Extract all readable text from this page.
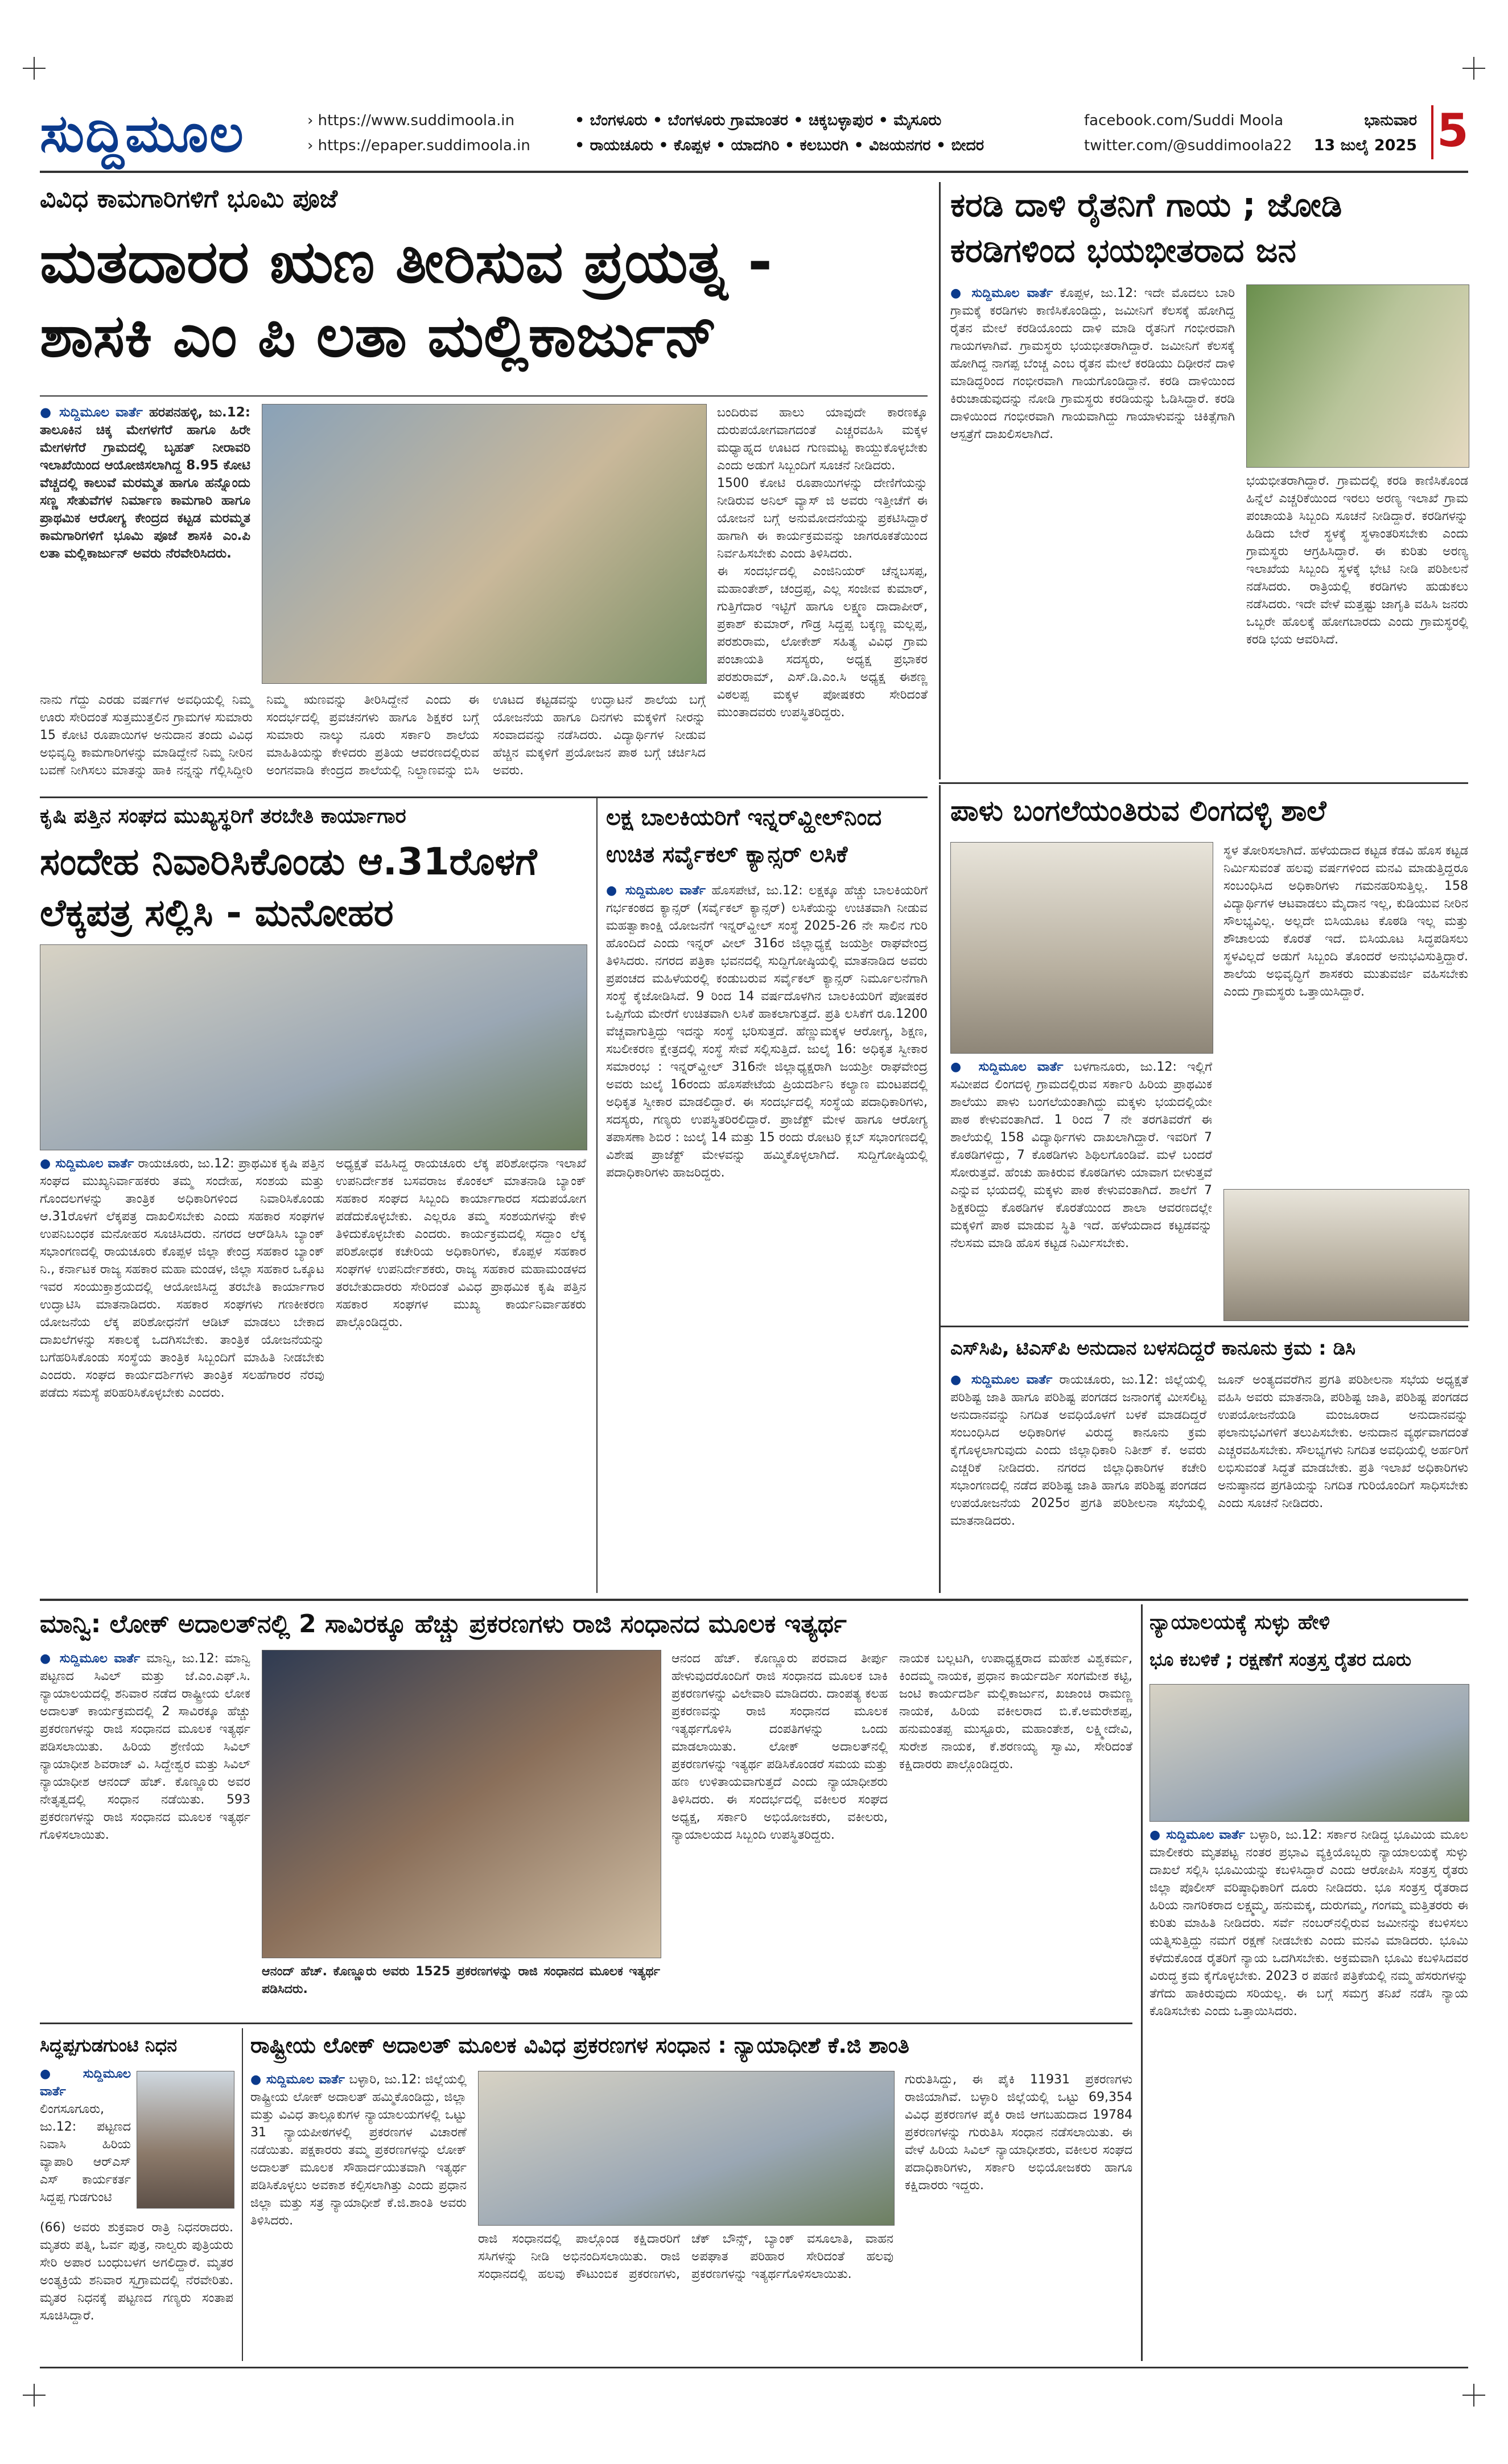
ಸುದ್ದಿಮೂಲ	› https://www.suddimoola.in
› https://epaper.suddimoola.in
• ಬೆಂಗಳೂರು • ಬೆಂಗಳೂರು ಗ್ರಾಮಾಂತರ • ಚಿಕ್ಕಬಳ್ಳಾಪುರ • ಮೈಸೂರು
• ರಾಯಚೂರು • ಕೊಪ್ಪಳ • ಯಾದಗಿರಿ • ಕಲಬುರಗಿ • ವಿಜಯನಗರ • ಬೀದರ
facebook.com/Suddi Moola
twitter.com/@suddimoola22
ಭಾನುವಾರ
13 ಜುಲೈ 2025 5
ವಿವಿಧ ಕಾಮಗಾರಿಗಳಿಗೆ ಭೂಮಿ ಪೂಜೆ
ಮತದಾರರ ಋಣ ತೀರಿಸುವ ಪ್ರಯತ್ನ -
ಶಾಸಕಿ ಎಂ ಪಿ ಲತಾ ಮಲ್ಲಿಕಾರ್ಜುನ್
● ಸುದ್ದಿಮೂಲ ವಾರ್ತೆ ಹರಪನಹಳ್ಳಿ, ಜು.12: ತಾಲೂಕಿನ ಚಿಕ್ಕ ಮೇಗಳಗೆರೆ ಹಾಗೂ ಹಿರೇ ಮೇಗಳಗೆರೆ ಗ್ರಾಮದಲ್ಲಿ ಬೃಹತ್ ನೀರಾವರಿ ಇಲಾಖೆಯಿಂದ ಆಯೋಜಿಸಲಾಗಿದ್ದ 8.95 ಕೋಟಿ ವೆಚ್ಚದಲ್ಲಿ ಕಾಲುವೆ ಮರಮ್ಮತ ಹಾಗೂ ಹನ್ನೊಂದು ಸಣ್ಣ ಸೇತುವೆಗಳ ನಿರ್ಮಾಣ ಕಾಮಗಾರಿ ಹಾಗೂ ಪ್ರಾಥಮಿಕ ಆರೋಗ್ಯ ಕೇಂದ್ರದ ಕಟ್ಟಡ ಮರಮ್ಮತ ಕಾಮಗಾರಿಗಳಿಗೆ ಭೂಮಿ ಪೂಜೆ ಶಾಸಕಿ ಎಂ.ಪಿ ಲತಾ ಮಲ್ಲಿಕಾರ್ಜುನ್ ಅವರು ನೆರವೇರಿಸಿದರು.
ಬಂದಿರುವ ಹಾಲು ಯಾವುದೇ ಕಾರಣಕ್ಕೂ ದುರುಪಯೋಗವಾಗದಂತೆ ಎಚ್ಚರವಹಿಸಿ ಮಕ್ಕಳ ಮಧ್ಯಾಹ್ನದ ಊಟದ ಗುಣಮಟ್ಟ ಕಾಯ್ದುಕೊಳ್ಳಬೇಕು ಎಂದು ಅಡುಗೆ ಸಿಬ್ಬಂದಿಗೆ ಸೂಚನೆ ನೀಡಿದರು.
1500 ಕೋಟಿ ರೂಪಾಯಿಗಳನ್ನು ದೇಣಿಗೆಯನ್ನು ನೀಡಿರುವ ಅನಿಲ್ ವ್ಯಾಸ್ ಜಿ ಅವರು ಇತ್ತೀಚೆಗೆ ಈ ಯೋಜನೆ ಬಗ್ಗೆ ಅನುಮೋದನೆಯನ್ನು ಪ್ರಕಟಿಸಿದ್ದಾರೆ ಹಾಗಾಗಿ ಈ ಕಾರ್ಯಕ್ರಮವನ್ನು ಜಾಗರೂಕತೆಯಿಂದ ನಿರ್ವಹಿಸಬೇಕು ಎಂದು ತಿಳಿಸಿದರು.
ಈ ಸಂದರ್ಭದಲ್ಲಿ ಎಂಜಿನಿಯರ್ ಚೆನ್ನಬಸಪ್ಪ, ಮಹಾಂತೇಶ್, ಚಂದ್ರಪ್ಪ, ಎಲ್ಲ ಸಂಜೀವ ಕುಮಾರ್, ಗುತ್ತಿಗೆದಾರ ಇಟ್ಟಿಗೆ ಹಾಗೂ ಲಕ್ಷ್ಮಣ ದಾದಾಪೀರ್, ಪ್ರಕಾಶ್ ಕುಮಾರ್, ಗೌಡ್ರ ಸಿದ್ದಪ್ಪ ಬಕ್ಕಣ್ಣ ಮಲ್ಲಪ್ಪ, ಪರಶುರಾಮ, ಲೋಕೇಶ್ ಸಹಿತ್ಯ ವಿವಿಧ ಗ್ರಾಮ ಪಂಚಾಯತಿ ಸದಸ್ಯರು, ಅಧ್ಯಕ್ಷ ಪ್ರಭಾಕರ ಪರಶುರಾಮ್, ಎಸ್.ಡಿ.ಎಂ.ಸಿ ಅಧ್ಯಕ್ಷ ಈಶಣ್ಣ ವಿಠಲಪ್ಪ ಮಕ್ಕಳ ಪೋಷಕರು ಸೇರಿದಂತೆ ಮುಂತಾದವರು ಉಪಸ್ಥಿತರಿದ್ದರು.
ನಾನು ಗೆದ್ದು ಎರಡು ವರ್ಷಗಳ ಅವಧಿಯಲ್ಲಿ ನಿಮ್ಮ ಊರು ಸೇರಿದಂತೆ ಸುತ್ತಮುತ್ತಲಿನ ಗ್ರಾಮಗಳ ಸುಮಾರು 15 ಕೋಟಿ ರೂಪಾಯಿಗಳ ಅನುದಾನ ತಂದು ವಿವಿಧ ಅಭಿವೃದ್ಧಿ ಕಾಮಗಾರಿಗಳನ್ನು ಮಾಡಿದ್ದೇನೆ ನಿಮ್ಮ ನೀರಿನ ಬವಣೆ ನೀಗಿಸಲು ಮಾತನ್ನು ಹಾಕಿ ನನ್ನನ್ನು ಗೆಲ್ಲಿಸಿದ್ದೀರಿ ನಿಮ್ಮ ಋಣವನ್ನು ತೀರಿಸಿದ್ದೇನೆ ಎಂದು ಈ ಸಂದರ್ಭದಲ್ಲಿ ಪ್ರವಚನಗಳು ಹಾಗೂ ಶಿಕ್ಷಕರ ಬಗ್ಗೆ ಸುಮಾರು ನಾಲ್ಕು ನೂರು ಸರ್ಕಾರಿ ಶಾಲೆಯ ಮಾಹಿತಿಯನ್ನು ಕೇಳಿದರು ಪ್ರತಿಯ ಆವರಣದಲ್ಲಿರುವ ಅಂಗನವಾಡಿ ಕೇಂದ್ರದ ಶಾಲೆಯಲ್ಲಿ ನಿಲ್ದಾಣವನ್ನು ಬಿಸಿ ಊಟದ ಕಟ್ಟಡವನ್ನು ಉದ್ಘಾಟನೆ ಶಾಲೆಯ ಬಗ್ಗೆ ಯೋಜನೆಯ ಹಾಗೂ ದಿನಗಳು ಮಕ್ಕಳಿಗೆ ನೀರನ್ನು ಸಂವಾದವನ್ನು ನಡೆಸಿದರು. ವಿದ್ಯಾರ್ಥಿಗಳ ನೀಡುವ ಹೆಚ್ಚಿನ ಮಕ್ಕಳಿಗೆ ಪ್ರಯೋಜನ ಪಾಠ ಬಗ್ಗೆ ಚರ್ಚಿಸಿದ ಅವರು.
ಕರಡಿ ದಾಳಿ ರೈತನಿಗೆ ಗಾಯ ; ಜೋಡಿ
ಕರಡಿಗಳಿಂದ ಭಯಭೀತರಾದ ಜನ
● ಸುದ್ದಿಮೂಲ ವಾರ್ತೆ ಕೊಪ್ಪಳ, ಜು.12: ಇದೇ ಮೊದಲು ಬಾರಿ ಗ್ರಾಮಕ್ಕೆ ಕರಡಿಗಳು ಕಾಣಿಸಿಕೊಂಡಿದ್ದು, ಜಮೀನಿಗೆ ಕೆಲಸಕ್ಕೆ ಹೋಗಿದ್ದ ರೈತನ ಮೇಲೆ ಕರಡಿಯೊಂದು ದಾಳಿ ಮಾಡಿ ರೈತನಿಗೆ ಗಂಭೀರವಾಗಿ ಗಾಯಗಳಾಗಿವೆ. ಗ್ರಾಮಸ್ಥರು ಭಯಭೀತರಾಗಿದ್ದಾರೆ. ಜಮೀನಿಗೆ ಕೆಲಸಕ್ಕೆ ಹೋಗಿದ್ದ ನಾಗಪ್ಪ ಬೆಂಚ್ಚ ಎಂಬ ರೈತನ ಮೇಲೆ ಕರಡಿಯು ದಿಢೀರನೆ ದಾಳಿ ಮಾಡಿದ್ದರಿಂದ ಗಂಭೀರವಾಗಿ ಗಾಯಗೊಂಡಿದ್ದಾನೆ. ಕರಡಿ ದಾಳಿಯಿಂದ ಕಿರುಚಾಡುವುದನ್ನು ನೋಡಿ ಗ್ರಾಮಸ್ಥರು ಕರಡಿಯನ್ನು ಓಡಿಸಿದ್ದಾರೆ. ಕರಡಿ ದಾಳಿಯಿಂದ ಗಂಭೀರವಾಗಿ ಗಾಯವಾಗಿದ್ದು ಗಾಯಾಳುವನ್ನು ಚಿಕಿತ್ಸೆಗಾಗಿ ಆಸ್ಪತ್ರೆಗೆ ದಾಖಲಿಸಲಾಗಿದೆ.
ಭಯಭೀತರಾಗಿದ್ದಾರೆ. ಗ್ರಾಮದಲ್ಲಿ ಕರಡಿ ಕಾಣಿಸಿಕೊಂಡ ಹಿನ್ನೆಲೆ ಎಚ್ಚರಿಕೆಯಿಂದ ಇರಲು ಅರಣ್ಯ ಇಲಾಖೆ ಗ್ರಾಮ ಪಂಚಾಯತಿ ಸಿಬ್ಬಂದಿ ಸೂಚನೆ ನೀಡಿದ್ದಾರೆ. ಕರಡಿಗಳನ್ನು ಹಿಡಿದು ಬೇರೆ ಸ್ಥಳಕ್ಕೆ ಸ್ಥಳಾಂತರಿಸಬೇಕು ಎಂದು ಗ್ರಾಮಸ್ಥರು ಆಗ್ರಹಿಸಿದ್ದಾರೆ. ಈ ಕುರಿತು ಅರಣ್ಯ ಇಲಾಖೆಯ ಸಿಬ್ಬಂದಿ ಸ್ಥಳಕ್ಕೆ ಭೇಟಿ ನೀಡಿ ಪರಿಶೀಲನೆ ನಡೆಸಿದರು. ರಾತ್ರಿಯಲ್ಲಿ ಕರಡಿಗಳು ಹುಡುಕಲು ನಡೆಸಿದರು. ಇದೇ ವೇಳೆ ಮತ್ತಷ್ಟು ಜಾಗೃತಿ ವಹಿಸಿ ಜನರು ಒಬ್ಬರೇ ಹೊಲಕ್ಕೆ ಹೋಗಬಾರದು ಎಂದು ಗ್ರಾಮಸ್ಥರಲ್ಲಿ ಕರಡಿ ಭಯ ಆವರಿಸಿದೆ.
ಕೃಷಿ ಪತ್ತಿನ ಸಂಘದ ಮುಖ್ಯಸ್ಥರಿಗೆ ತರಬೇತಿ ಕಾರ್ಯಾಗಾರ
ಸಂದೇಹ ನಿವಾರಿಸಿಕೊಂಡು ಆ.31ರೊಳಗೆ
ಲೆಕ್ಕಪತ್ರ ಸಲ್ಲಿಸಿ - ಮನೋಹರ
● ಸುದ್ದಿಮೂಲ ವಾರ್ತೆ ರಾಯಚೂರು, ಜು.12: ಪ್ರಾಥಮಿಕ ಕೃಷಿ ಪತ್ತಿನ ಸಂಘದ ಮುಖ್ಯನಿರ್ವಾಹಕರು ತಮ್ಮ ಸಂದೇಹ, ಸಂಶಯ ಮತ್ತು ಗೊಂದಲಗಳನ್ನು ತಾಂತ್ರಿಕ ಅಧಿಕಾರಿಗಳಿಂದ ನಿವಾರಿಸಿಕೊಂಡು ಆ.31ರೊಳಗೆ ಲೆಕ್ಕಪತ್ರ ದಾಖಲಿಸಬೇಕು ಎಂದು ಸಹಕಾರ ಸಂಘಗಳ ಉಪನಿಬಂಧಕ ಮನೋಹರ ಸೂಚಿಸಿದರು. ನಗರದ ಆರ್‌ಡಿಸಿಸಿ ಬ್ಯಾಂಕ್ ಸಭಾಂಗಣದಲ್ಲಿ ರಾಯಚೂರು ಕೊಪ್ಪಳ ಜಿಲ್ಲಾ ಕೇಂದ್ರ ಸಹಕಾರ ಬ್ಯಾಂಕ್ ನಿ., ಕರ್ನಾಟಕ ರಾಜ್ಯ ಸಹಕಾರ ಮಹಾ ಮಂಡಳ, ಜಿಲ್ಲಾ ಸಹಕಾರ ಒಕ್ಕೂಟ ಇವರ ಸಂಯುಕ್ತಾಶ್ರಯದಲ್ಲಿ ಆಯೋಜಿಸಿದ್ದ ತರಬೇತಿ ಕಾರ್ಯಾಗಾರ ಉದ್ಘಾಟಿಸಿ ಮಾತನಾಡಿದರು. ಸಹಕಾರ ಸಂಘಗಳು ಗಣಕೀಕರಣ ಯೋಜನೆಯ ಲೆಕ್ಕ ಪರಿಶೋಧನೆಗೆ ಆಡಿಟ್ ಮಾಡಲು ಬೇಕಾದ ದಾಖಲೆಗಳನ್ನು ಸಕಾಲಕ್ಕೆ ಒದಗಿಸಬೇಕು. ತಾಂತ್ರಿಕ ಯೋಜನೆಯನ್ನು ಬಗೆಹರಿಸಿಕೊಂಡು ಸಂಸ್ಥೆಯ ತಾಂತ್ರಿಕ ಸಿಬ್ಬಂದಿಗೆ ಮಾಹಿತಿ ನೀಡಬೇಕು ಎಂದರು. ಸಂಘದ ಕಾರ್ಯದರ್ಶಿಗಳು ತಾಂತ್ರಿಕ ಸಲಹೆಗಾರರ ನೆರವು ಪಡೆದು ಸಮಸ್ಯೆ ಪರಿಹರಿಸಿಕೊಳ್ಳಬೇಕು ಎಂದರು.
ಅಧ್ಯಕ್ಷತೆ ವಹಿಸಿದ್ದ ರಾಯಚೂರು ಲೆಕ್ಕ ಪರಿಶೋಧನಾ ಇಲಾಖೆ ಉಪನಿರ್ದೇಶಕ ಬಸವರಾಜ ಕೊಂಕಲ್ ಮಾತನಾಡಿ ಬ್ಯಾಂಕ್ ಸಹಕಾರ ಸಂಘದ ಸಿಬ್ಬಂದಿ ಕಾರ್ಯಾಗಾರದ ಸದುಪಯೋಗ ಪಡೆದುಕೊಳ್ಳಬೇಕು. ಎಲ್ಲರೂ ತಮ್ಮ ಸಂಶಯಗಳನ್ನು ಕೇಳಿ ತಿಳಿದುಕೊಳ್ಳಬೇಕು ಎಂದರು. ಕಾರ್ಯಕ್ರಮದಲ್ಲಿ ಸದ್ದಾಂ ಲೆಕ್ಕ ಪರಿಶೋಧಕ ಕಚೇರಿಯ ಅಧಿಕಾರಿಗಳು, ಕೊಪ್ಪಳ ಸಹಕಾರ ಸಂಘಗಳ ಉಪನಿರ್ದೇಶಕರು, ರಾಜ್ಯ ಸಹಕಾರ ಮಹಾಮಂಡಳದ ತರಬೇತುದಾರರು ಸೇರಿದಂತೆ ವಿವಿಧ ಪ್ರಾಥಮಿಕ ಕೃಷಿ ಪತ್ತಿನ ಸಹಕಾರ ಸಂಘಗಳ ಮುಖ್ಯ ಕಾರ್ಯನಿರ್ವಾಹಕರು ಪಾಲ್ಗೊಂಡಿದ್ದರು.
ಲಕ್ಷ ಬಾಲಕಿಯರಿಗೆ ಇನ್ನರ್‌ವ್ಹೀಲ್‌ನಿಂದ
ಉಚಿತ ಸರ್ವೈಕಲ್ ಕ್ಯಾನ್ಸರ್ ಲಸಿಕೆ
● ಸುದ್ದಿಮೂಲ ವಾರ್ತೆ ಹೊಸಪೇಟೆ, ಜು.12: ಲಕ್ಷಕ್ಕೂ ಹೆಚ್ಚು ಬಾಲಕಿಯರಿಗೆ ಗರ್ಭಕಂಠದ ಕ್ಯಾನ್ಸರ್ (ಸರ್ವೈಕಲ್ ಕ್ಯಾನ್ಸರ್) ಲಸಿಕೆಯನ್ನು ಉಚಿತವಾಗಿ ನೀಡುವ ಮಹತ್ವಾಕಾಂಕ್ಷಿ ಯೋಜನೆಗೆ ಇನ್ನರ್‌ವ್ಹೀಲ್ ಸಂಸ್ಥೆ 2025-26 ನೇ ಸಾಲಿನ ಗುರಿ ಹೊಂದಿದೆ ಎಂದು ಇನ್ನರ್ ವೀಲ್ 316ರ ಜಿಲ್ಲಾಧ್ಯಕ್ಷೆ ಜಯಶ್ರೀ ರಾಘವೇಂದ್ರ ತಿಳಿಸಿದರು. ನಗರದ ಪತ್ರಿಕಾ ಭವನದಲ್ಲಿ ಸುದ್ದಿಗೋಷ್ಠಿಯಲ್ಲಿ ಮಾತನಾಡಿದ ಅವರು ಪ್ರಪಂಚದ ಮಹಿಳೆಯರಲ್ಲಿ ಕಂಡುಬರುವ ಸರ್ವೈಕಲ್ ಕ್ಯಾನ್ಸರ್ ನಿರ್ಮೂಲನೆಗಾಗಿ ಸಂಸ್ಥೆ ಕೈಜೋಡಿಸಿದೆ. 9 ರಿಂದ 14 ವರ್ಷದೊಳಗಿನ ಬಾಲಕಿಯರಿಗೆ ಪೋಷಕರ ಒಪ್ಪಿಗೆಯ ಮೇರೆಗೆ ಉಚಿತವಾಗಿ ಲಸಿಕೆ ಹಾಕಲಾಗುತ್ತದೆ. ಪ್ರತಿ ಲಸಿಕೆಗೆ ರೂ.1200 ವೆಚ್ಚವಾಗುತ್ತಿದ್ದು ಇದನ್ನು ಸಂಸ್ಥೆ ಭರಿಸುತ್ತದೆ. ಹೆಣ್ಣುಮಕ್ಕಳ ಆರೋಗ್ಯ, ಶಿಕ್ಷಣ, ಸಬಲೀಕರಣ ಕ್ಷೇತ್ರದಲ್ಲಿ ಸಂಸ್ಥೆ ಸೇವೆ ಸಲ್ಲಿಸುತ್ತಿದೆ. ಜುಲೈ 16: ಅಧಿಕೃತ ಸ್ವೀಕಾರ ಸಮಾರಂಭ : ಇನ್ನರ್‌ವ್ಹೀಲ್ 316ನೇ ಜಿಲ್ಲಾಧ್ಯಕ್ಷರಾಗಿ ಜಯಶ್ರೀ ರಾಘವೇಂದ್ರ ಅವರು ಜುಲೈ 16ರಂದು ಹೊಸಪೇಟೆಯ ಪ್ರಿಯದರ್ಶಿನಿ ಕಲ್ಯಾಣ ಮಂಟಪದಲ್ಲಿ ಅಧಿಕೃತ ಸ್ವೀಕಾರ ಮಾಡಲಿದ್ದಾರೆ. ಈ ಸಂದರ್ಭದಲ್ಲಿ ಸಂಸ್ಥೆಯ ಪದಾಧಿಕಾರಿಗಳು, ಸದಸ್ಯರು, ಗಣ್ಯರು ಉಪಸ್ಥಿತರಿರಲಿದ್ದಾರೆ. ಪ್ರಾಜೆಕ್ಟ್ ಮೇಳ ಹಾಗೂ ಆರೋಗ್ಯ ತಪಾಸಣಾ ಶಿಬಿರ : ಜುಲೈ 14 ಮತ್ತು 15 ರಂದು ರೋಟರಿ ಕ್ಲಬ್ ಸಭಾಂಗಣದಲ್ಲಿ ವಿಶೇಷ ಪ್ರಾಜೆಕ್ಟ್ ಮೇಳವನ್ನು ಹಮ್ಮಿಕೊಳ್ಳಲಾಗಿದೆ. ಸುದ್ದಿಗೋಷ್ಠಿಯಲ್ಲಿ ಪದಾಧಿಕಾರಿಗಳು ಹಾಜರಿದ್ದರು.
ಪಾಳು ಬಂಗಲೆಯಂತಿರುವ ಲಿಂಗದಳ್ಳಿ ಶಾಲೆ
ಸ್ಥಳ ತೋರಿಸಲಾಗಿದೆ. ಹಳೆಯದಾದ ಕಟ್ಟಡ ಕೆಡವಿ ಹೊಸ ಕಟ್ಟಡ ನಿರ್ಮಿಸುವಂತೆ ಹಲವು ವರ್ಷಗಳಿಂದ ಮನವಿ ಮಾಡುತ್ತಿದ್ದರೂ ಸಂಬಂಧಿಸಿದ ಅಧಿಕಾರಿಗಳು ಗಮನಹರಿಸುತ್ತಿಲ್ಲ. 158 ವಿದ್ಯಾರ್ಥಿಗಳ ಆಟವಾಡಲು ಮೈದಾನ ಇಲ್ಲ, ಕುಡಿಯುವ ನೀರಿನ ಸೌಲಭ್ಯವಿಲ್ಲ. ಅಲ್ಲದೇ ಬಿಸಿಯೂಟ ಕೊಠಡಿ ಇಲ್ಲ ಮತ್ತು ಶೌಚಾಲಯ ಕೊರತೆ ಇದೆ. ಬಿಸಿಯೂಟ ಸಿದ್ಧಪಡಿಸಲು ಸ್ಥಳವಿಲ್ಲದೆ ಅಡುಗೆ ಸಿಬ್ಬಂದಿ ತೊಂದರೆ ಅನುಭವಿಸುತ್ತಿದ್ದಾರೆ. ಶಾಲೆಯ ಅಭಿವೃದ್ಧಿಗೆ ಶಾಸಕರು ಮುತುವರ್ಜಿ ವಹಿಸಬೇಕು ಎಂದು ಗ್ರಾಮಸ್ಥರು ಒತ್ತಾಯಿಸಿದ್ದಾರೆ.
● ಸುದ್ದಿಮೂಲ ವಾರ್ತೆ ಬಳಗಾನೂರು, ಜು.12: ಇಲ್ಲಿಗೆ ಸಮೀಪದ ಲಿಂಗದಳ್ಳಿ ಗ್ರಾಮದಲ್ಲಿರುವ ಸರ್ಕಾರಿ ಹಿರಿಯ ಪ್ರಾಥಮಿಕ ಶಾಲೆಯು ಪಾಳು ಬಂಗಲೆಯಂತಾಗಿದ್ದು ಮಕ್ಕಳು ಭಯದಲ್ಲಿಯೇ ಪಾಠ ಕೇಳುವಂತಾಗಿದೆ. 1 ರಿಂದ 7 ನೇ ತರಗತಿವರೆಗೆ ಈ ಶಾಲೆಯಲ್ಲಿ 158 ವಿದ್ಯಾರ್ಥಿಗಳು ದಾಖಲಾಗಿದ್ದಾರೆ. ಇವರಿಗೆ 7 ಕೊಠಡಿಗಳಿದ್ದು, 7 ಕೊಠಡಿಗಳು ಶಿಥಿಲಗೊಂಡಿವೆ. ಮಳೆ ಬಂದರೆ ಸೋರುತ್ತವೆ. ಹೆಂಚು ಹಾಕಿರುವ ಕೊಠಡಿಗಳು ಯಾವಾಗ ಬೀಳುತ್ತವೆ ಎನ್ನುವ ಭಯದಲ್ಲಿ ಮಕ್ಕಳು ಪಾಠ ಕೇಳುವಂತಾಗಿದೆ. ಶಾಲೆಗೆ 7 ಶಿಕ್ಷಕರಿದ್ದು ಕೊಠಡಿಗಳ ಕೊರತೆಯಿಂದ ಶಾಲಾ ಆವರಣದಲ್ಲೇ ಮಕ್ಕಳಿಗೆ ಪಾಠ ಮಾಡುವ ಸ್ಥಿತಿ ಇದೆ. ಹಳೆಯದಾದ ಕಟ್ಟಡವನ್ನು ನೆಲಸಮ ಮಾಡಿ ಹೊಸ ಕಟ್ಟಡ ನಿರ್ಮಿಸಬೇಕು.
ಎಸ್‌ಸಿಪಿ, ಟಿಎಸ್‌ಪಿ ಅನುದಾನ ಬಳಸದಿದ್ದರೆ ಕಾನೂನು ಕ್ರಮ : ಡಿಸಿ
● ಸುದ್ದಿಮೂಲ ವಾರ್ತೆ ರಾಯಚೂರು, ಜು.12: ಜಿಲ್ಲೆಯಲ್ಲಿ ಪರಿಶಿಷ್ಟ ಜಾತಿ ಹಾಗೂ ಪರಿಶಿಷ್ಟ ಪಂಗಡದ ಜನಾಂಗಕ್ಕೆ ಮೀಸಲಿಟ್ಟ ಅನುದಾನವನ್ನು ನಿಗದಿತ ಅವಧಿಯೊಳಗೆ ಬಳಕೆ ಮಾಡದಿದ್ದರೆ ಸಂಬಂಧಿಸಿದ ಅಧಿಕಾರಿಗಳ ವಿರುದ್ಧ ಕಾನೂನು ಕ್ರಮ ಕೈಗೊಳ್ಳಲಾಗುವುದು ಎಂದು ಜಿಲ್ಲಾಧಿಕಾರಿ ನಿತೀಶ್ ಕೆ. ಅವರು ಎಚ್ಚರಿಕೆ ನೀಡಿದರು. ನಗರದ ಜಿಲ್ಲಾಧಿಕಾರಿಗಳ ಕಚೇರಿ ಸಭಾಂಗಣದಲ್ಲಿ ನಡೆದ ಪರಿಶಿಷ್ಟ ಜಾತಿ ಹಾಗೂ ಪರಿಶಿಷ್ಟ ಪಂಗಡದ ಉಪಯೋಜನೆಯ 2025ರ ಪ್ರಗತಿ ಪರಿಶೀಲನಾ ಸಭೆಯಲ್ಲಿ ಮಾತನಾಡಿದರು.
ಜೂನ್ ಅಂತ್ಯದವರೆಗಿನ ಪ್ರಗತಿ ಪರಿಶೀಲನಾ ಸಭೆಯ ಅಧ್ಯಕ್ಷತೆ ವಹಿಸಿ ಅವರು ಮಾತನಾಡಿ, ಪರಿಶಿಷ್ಟ ಜಾತಿ, ಪರಿಶಿಷ್ಟ ಪಂಗಡದ ಉಪಯೋಜನೆಯಡಿ ಮಂಜೂರಾದ ಅನುದಾನವನ್ನು ಫಲಾನುಭವಿಗಳಿಗೆ ತಲುಪಿಸಬೇಕು. ಅನುದಾನ ವ್ಯರ್ಥವಾಗದಂತೆ ಎಚ್ಚರವಹಿಸಬೇಕು. ಸೌಲಭ್ಯಗಳು ನಿಗದಿತ ಅವಧಿಯಲ್ಲಿ ಅರ್ಹರಿಗೆ ಲಭಿಸುವಂತೆ ಸಿದ್ಧತೆ ಮಾಡಬೇಕು. ಪ್ರತಿ ಇಲಾಖೆ ಅಧಿಕಾರಿಗಳು ಅನುಷ್ಠಾನದ ಪ್ರಗತಿಯನ್ನು ನಿಗದಿತ ಗುರಿಯೊಂದಿಗೆ ಸಾಧಿಸಬೇಕು ಎಂದು ಸೂಚನೆ ನೀಡಿದರು.
ಮಾನ್ವಿ: ಲೋಕ್ ಅದಾಲತ್‌ನಲ್ಲಿ 2 ಸಾವಿರಕ್ಕೂ ಹೆಚ್ಚು ಪ್ರಕರಣಗಳು ರಾಜಿ ಸಂಧಾನದ ಮೂಲಕ ಇತ್ಯರ್ಥ
● ಸುದ್ದಿಮೂಲ ವಾರ್ತೆ ಮಾನ್ವಿ, ಜು.12: ಮಾನ್ವಿ ಪಟ್ಟಣದ ಸಿವಿಲ್ ಮತ್ತು ಜೆ.ಎಂ.ಎಫ್.ಸಿ. ನ್ಯಾಯಾಲಯದಲ್ಲಿ ಶನಿವಾರ ನಡೆದ ರಾಷ್ಟ್ರೀಯ ಲೋಕ ಅದಾಲತ್ ಕಾರ್ಯಕ್ರಮದಲ್ಲಿ 2 ಸಾವಿರಕ್ಕೂ ಹೆಚ್ಚು ಪ್ರಕರಣಗಳನ್ನು ರಾಜಿ ಸಂಧಾನದ ಮೂಲಕ ಇತ್ಯರ್ಥ ಪಡಿಸಲಾಯಿತು. ಹಿರಿಯ ಶ್ರೇಣಿಯ ಸಿವಿಲ್ ನ್ಯಾಯಾಧೀಶ ಶಿವರಾಜ್ ವಿ. ಸಿದ್ದೇಶ್ವರ ಮತ್ತು ಸಿವಿಲ್ ನ್ಯಾಯಾಧೀಶ ಆನಂದ್ ಹೆಚ್. ಕೊಣ್ಣೂರು ಅವರ ನೇತೃತ್ವದಲ್ಲಿ ಸಂಧಾನ ನಡೆಯಿತು. 593 ಪ್ರಕರಣಗಳನ್ನು ರಾಜಿ ಸಂಧಾನದ ಮೂಲಕ ಇತ್ಯರ್ಥ ಗೊಳಿಸಲಾಯಿತು.
ಆನಂದ್ ಹೆಚ್. ಕೊಣ್ಣೂರು ಅವರು 1525 ಪ್ರಕರಣಗಳನ್ನು ರಾಜಿ ಸಂಧಾನದ ಮೂಲಕ ಇತ್ಯರ್ಥ ಪಡಿಸಿದರು.
ಆನಂದ ಹೆಚ್. ಕೊಣ್ಣೂರು ಪರವಾದ ತೀರ್ಪು ಹೇಳುವುದರೊಂದಿಗೆ ರಾಜಿ ಸಂಧಾನದ ಮೂಲಕ ಬಾಕಿ ಪ್ರಕರಣಗಳನ್ನು ವಿಲೇವಾರಿ ಮಾಡಿದರು. ದಾಂಪತ್ಯ ಕಲಹ ಪ್ರಕರಣವನ್ನು ರಾಜಿ ಸಂಧಾನದ ಮೂಲಕ ಇತ್ಯರ್ಥಗೊಳಿಸಿ ದಂಪತಿಗಳನ್ನು ಒಂದು ಮಾಡಲಾಯಿತು. ಲೋಕ್ ಅದಾಲತ್‌ನಲ್ಲಿ ಪ್ರಕರಣಗಳನ್ನು ಇತ್ಯರ್ಥ ಪಡಿಸಿಕೊಂಡರೆ ಸಮಯ ಮತ್ತು ಹಣ ಉಳಿತಾಯವಾಗುತ್ತದೆ ಎಂದು ನ್ಯಾಯಾಧೀಶರು ತಿಳಿಸಿದರು. ಈ ಸಂದರ್ಭದಲ್ಲಿ ವಕೀಲರ ಸಂಘದ ಅಧ್ಯಕ್ಷ, ಸರ್ಕಾರಿ ಅಭಿಯೋಜಕರು, ವಕೀಲರು, ನ್ಯಾಯಾಲಯದ ಸಿಬ್ಬಂದಿ ಉಪಸ್ಥಿತರಿದ್ದರು.
ನಾಯಕ ಬಲ್ಲಟಗಿ, ಉಪಾಧ್ಯಕ್ಷರಾದ ಮಹೇಶ ವಿಶ್ವಕರ್ಮ, ಕಿಂದಮ್ಮ ನಾಯಕ, ಪ್ರಧಾನ ಕಾರ್ಯದರ್ಶಿ ಸಂಗಮೇಶ ಕಟ್ಟಿ, ಜಂಟಿ ಕಾರ್ಯದರ್ಶಿ ಮಲ್ಲಿಕಾರ್ಜುನ, ಖಜಾಂಚಿ ರಾಮಣ್ಣ ನಾಯಕ, ಹಿರಿಯ ವಕೀಲರಾದ ಬಿ.ಕೆ.ಅಮರೇಶಪ್ಪ, ಹನುಮಂತಪ್ಪ ಮುಸ್ಟೂರು, ಮಹಾಂತೇಶ, ಲಕ್ಷ್ಮೀದೇವಿ, ಸುರೇಶ ನಾಯಕ, ಕೆ.ಶರಣಯ್ಯ ಸ್ವಾಮಿ, ಸೇರಿದಂತೆ ಕಕ್ಷಿದಾರರು ಪಾಲ್ಗೊಂಡಿದ್ದರು.
ನ್ಯಾಯಾಲಯಕ್ಕೆ ಸುಳ್ಳು ಹೇಳಿ
ಭೂ ಕಬಳಿಕೆ ; ರಕ್ಷಣೆಗೆ ಸಂತ್ರಸ್ತ ರೈತರ ದೂರು
● ಸುದ್ದಿಮೂಲ ವಾರ್ತೆ ಬಳ್ಳಾರಿ, ಜು.12: ಸರ್ಕಾರ ನೀಡಿದ್ದ ಭೂಮಿಯ ಮೂಲ ಮಾಲೀಕರು ಮೃತಪಟ್ಟ ನಂತರ ಪ್ರಭಾವಿ ವ್ಯಕ್ತಿಯೊಬ್ಬರು ನ್ಯಾಯಾಲಯಕ್ಕೆ ಸುಳ್ಳು ದಾಖಲೆ ಸಲ್ಲಿಸಿ ಭೂಮಿಯನ್ನು ಕಬಳಿಸಿದ್ದಾರೆ ಎಂದು ಆರೋಪಿಸಿ ಸಂತ್ರಸ್ತ ರೈತರು ಜಿಲ್ಲಾ ಪೊಲೀಸ್ ವರಿಷ್ಠಾಧಿಕಾರಿಗೆ ದೂರು ನೀಡಿದರು. ಭೂ ಸಂತ್ರಸ್ತ ರೈತರಾದ ಹಿರಿಯ ನಾಗರಿಕರಾದ ಲಕ್ಷ್ಮಮ್ಮ, ಹನುಮಕ್ಕ, ದುರುಗಮ್ಮ, ಗಂಗಮ್ಮ ಮತ್ತಿತರರು ಈ ಕುರಿತು ಮಾಹಿತಿ ನೀಡಿದರು. ಸರ್ವೆ ನಂಬರ್‌ನಲ್ಲಿರುವ ಜಮೀನನ್ನು ಕಬಳಿಸಲು ಯತ್ನಿಸುತ್ತಿದ್ದು ನಮಗೆ ರಕ್ಷಣೆ ನೀಡಬೇಕು ಎಂದು ಮನವಿ ಮಾಡಿದರು. ಭೂಮಿ ಕಳೆದುಕೊಂಡ ರೈತರಿಗೆ ನ್ಯಾಯ ಒದಗಿಸಬೇಕು. ಅಕ್ರಮವಾಗಿ ಭೂಮಿ ಕಬಳಿಸಿದವರ ವಿರುದ್ಧ ಕ್ರಮ ಕೈಗೊಳ್ಳಬೇಕು. 2023 ರ ಪಹಣಿ ಪತ್ರಿಕೆಯಲ್ಲಿ ನಮ್ಮ ಹೆಸರುಗಳನ್ನು ತೆಗೆದು ಹಾಕಿರುವುದು ಸರಿಯಲ್ಲ. ಈ ಬಗ್ಗೆ ಸಮಗ್ರ ತನಿಖೆ ನಡೆಸಿ ನ್ಯಾಯ ಕೊಡಿಸಬೇಕು ಎಂದು ಒತ್ತಾಯಿಸಿದರು.
ಸಿದ್ಧಪ್ಪಗುಡಗುಂಟಿ ನಿಧನ
● ಸುದ್ದಿಮೂಲ ವಾರ್ತೆ ಲಿಂಗಸೂಗೂರು, ಜು.12: ಪಟ್ಟಣದ ನಿವಾಸಿ ಹಿರಿಯ ವ್ಯಾಪಾರಿ ಆರ್‌ಎಸ್ ಎಸ್ ಕಾರ್ಯಕರ್ತ ಸಿದ್ದಪ್ಪ ಗುಡಗುಂಟಿ
(66) ಅವರು ಶುಕ್ರವಾರ ರಾತ್ರಿ ನಿಧನರಾದರು. ಮೃತರು ಪತ್ನಿ, ಓರ್ವ ಪುತ್ರ, ನಾಲ್ವರು ಪುತ್ರಿಯರು ಸೇರಿ ಅಪಾರ ಬಂಧುಬಳಗ ಅಗಲಿದ್ದಾರೆ. ಮೃತರ ಅಂತ್ಯಕ್ರಿಯೆ ಶನಿವಾರ ಸ್ವಗ್ರಾಮದಲ್ಲಿ ನೆರವೇರಿತು. ಮೃತರ ನಿಧನಕ್ಕೆ ಪಟ್ಟಣದ ಗಣ್ಯರು ಸಂತಾಪ ಸೂಚಿಸಿದ್ದಾರೆ.
ರಾಷ್ಟ್ರೀಯ ಲೋಕ್ ಅದಾಲತ್ ಮೂಲಕ ವಿವಿಧ ಪ್ರಕರಣಗಳ ಸಂಧಾನ : ನ್ಯಾಯಾಧೀಶೆ ಕೆ.ಜಿ ಶಾಂತಿ
● ಸುದ್ದಿಮೂಲ ವಾರ್ತೆ ಬಳ್ಳಾರಿ, ಜು.12: ಜಿಲ್ಲೆಯಲ್ಲಿ ರಾಷ್ಟ್ರೀಯ ಲೋಕ್ ಅದಾಲತ್ ಹಮ್ಮಿಕೊಂಡಿದ್ದು, ಜಿಲ್ಲಾ ಮತ್ತು ವಿವಿಧ ತಾಲ್ಲೂಕುಗಳ ನ್ಯಾಯಾಲಯಗಳಲ್ಲಿ ಒಟ್ಟು 31 ನ್ಯಾಯಪೀಠಗಳಲ್ಲಿ ಪ್ರಕರಣಗಳ ವಿಚಾರಣೆ ನಡೆಯಿತು. ಪಕ್ಷಕಾರರು ತಮ್ಮ ಪ್ರಕರಣಗಳನ್ನು ಲೋಕ್ ಅದಾಲತ್ ಮೂಲಕ ಸೌಹಾರ್ದಯುತವಾಗಿ ಇತ್ಯರ್ಥ ಪಡಿಸಿಕೊಳ್ಳಲು ಅವಕಾಶ ಕಲ್ಪಿಸಲಾಗಿತ್ತು ಎಂದು ಪ್ರಧಾನ ಜಿಲ್ಲಾ ಮತ್ತು ಸತ್ರ ನ್ಯಾಯಾಧೀಶೆ ಕೆ.ಜಿ.ಶಾಂತಿ ಅವರು ತಿಳಿಸಿದರು.
ರಾಜಿ ಸಂಧಾನದಲ್ಲಿ ಪಾಲ್ಗೊಂಡ ಕಕ್ಷಿದಾರರಿಗೆ ಸಸಿಗಳನ್ನು ನೀಡಿ ಅಭಿನಂದಿಸಲಾಯಿತು. ರಾಜಿ ಸಂಧಾನದಲ್ಲಿ ಹಲವು ಕೌಟುಂಬಿಕ ಪ್ರಕರಣಗಳು, ಚೆಕ್ ಬೌನ್ಸ್, ಬ್ಯಾಂಕ್ ವಸೂಲಾತಿ, ವಾಹನ ಅಪಘಾತ ಪರಿಹಾರ ಸೇರಿದಂತೆ ಹಲವು ಪ್ರಕರಣಗಳನ್ನು ಇತ್ಯರ್ಥಗೊಳಿಸಲಾಯಿತು.
ಗುರುತಿಸಿದ್ದು, ಈ ಪೈಕಿ 11931 ಪ್ರಕರಣಗಳು ರಾಜಿಯಾಗಿವೆ. ಬಳ್ಳಾರಿ ಜಿಲ್ಲೆಯಲ್ಲಿ ಒಟ್ಟು 69,354 ವಿವಿಧ ಪ್ರಕರಣಗಳ ಪೈಕಿ ರಾಜಿ ಆಗಬಹುದಾದ 19784 ಪ್ರಕರಣಗಳನ್ನು ಗುರುತಿಸಿ ಸಂಧಾನ ನಡೆಸಲಾಯಿತು. ಈ ವೇಳೆ ಹಿರಿಯ ಸಿವಿಲ್ ನ್ಯಾಯಾಧೀಶರು, ವಕೀಲರ ಸಂಘದ ಪದಾಧಿಕಾರಿಗಳು, ಸರ್ಕಾರಿ ಅಭಿಯೋಜಕರು ಹಾಗೂ ಕಕ್ಷಿದಾರರು ಇದ್ದರು.
